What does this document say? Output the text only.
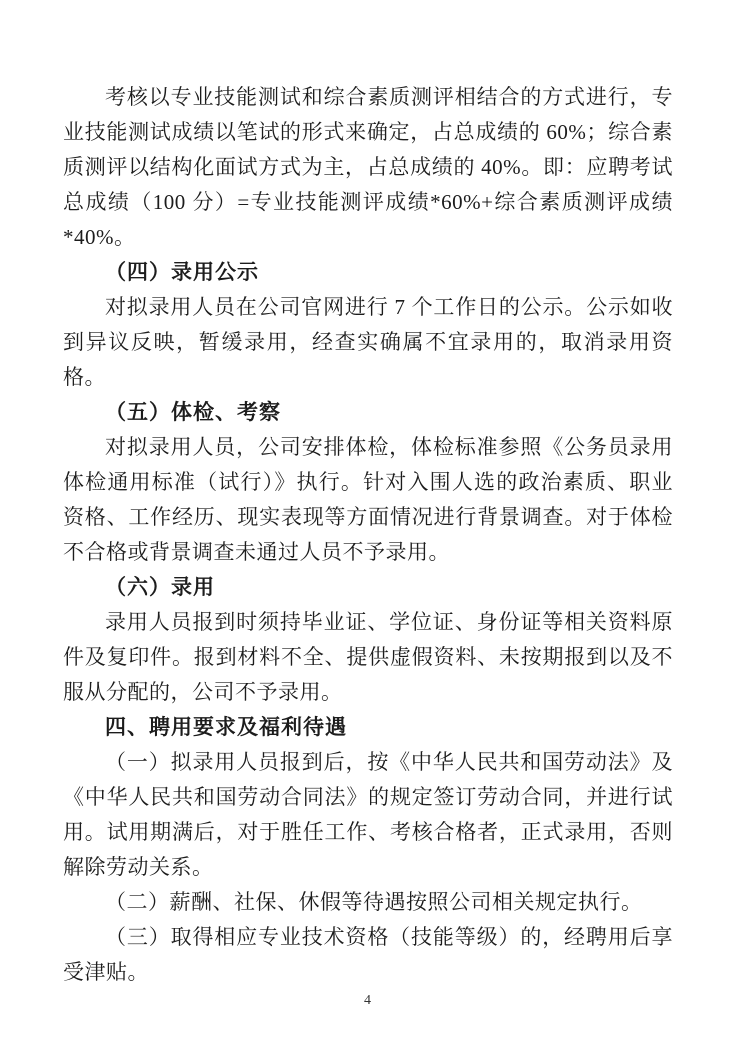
考核以专业技能测试和综合素质测评相结合的方式进行，专业技能测试成绩以笔试的形式来确定，占总成绩的 60%；综合素质测评以结构化面试方式为主，占总成绩的 40%。即：应聘考试总成绩（100 分）=专业技能测评成绩*60%+综合素质测评成绩*40%。

（四）录用公示

对拟录用人员在公司官网进行 7 个工作日的公示。公示如收到异议反映，暂缓录用，经查实确属不宜录用的，取消录用资格。

（五）体检、考察

对拟录用人员，公司安排体检，体检标准参照《公务员录用体检通用标准（试行）》执行。针对入围人选的政治素质、职业资格、工作经历、现实表现等方面情况进行背景调查。对于体检不合格或背景调查未通过人员不予录用。

（六）录用

录用人员报到时须持毕业证、学位证、身份证等相关资料原件及复印件。报到材料不全、提供虚假资料、未按期报到以及不服从分配的，公司不予录用。

四、聘用要求及福利待遇

（一）拟录用人员报到后，按《中华人民共和国劳动法》及《中华人民共和国劳动合同法》的规定签订劳动合同，并进行试用。试用期满后，对于胜任工作、考核合格者，正式录用，否则解除劳动关系。

（二）薪酬、社保、休假等待遇按照公司相关规定执行。

（三）取得相应专业技术资格（技能等级）的，经聘用后享受津贴。

4
